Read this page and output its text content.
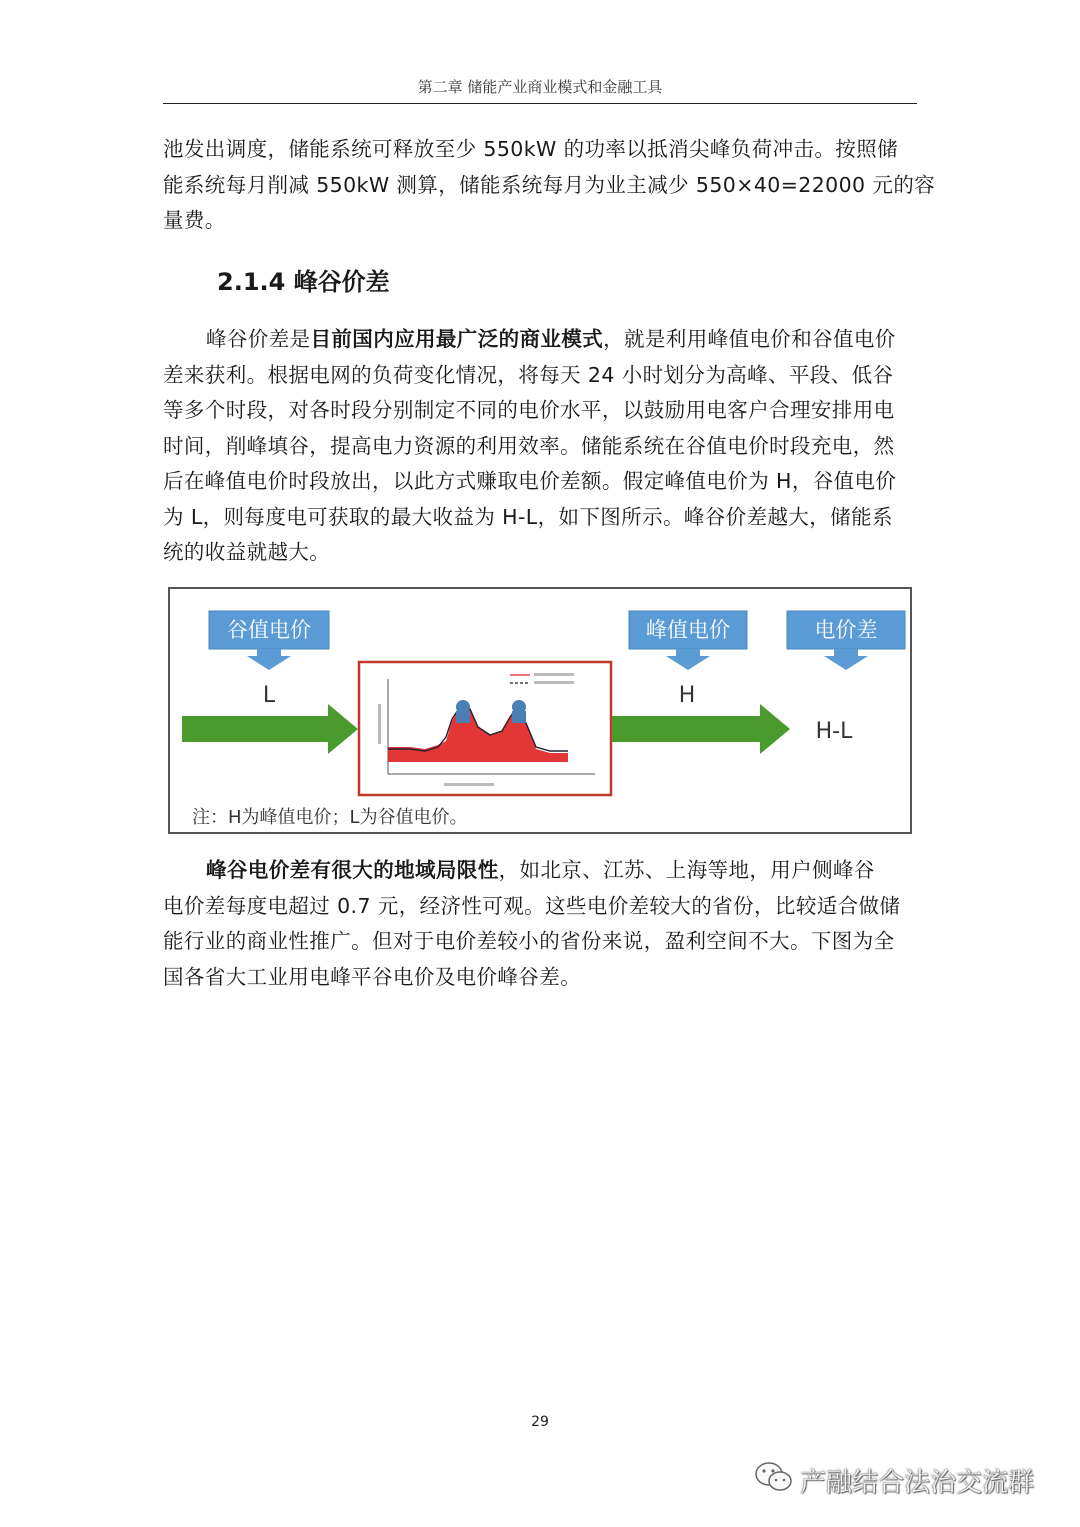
第二章 储能产业商业模式和金融工具
池发出调度，储能系统可释放至少 550kW 的功率以抵消尖峰负荷冲击。按照储
能系统每月削减 550kW 测算，储能系统每月为业主减少 550×40=22000 元的容
量费。
2.1.4 峰谷价差
峰谷价差是目前国内应用最广泛的商业模式，就是利用峰值电价和谷值电价
差来获利。根据电网的负荷变化情况，将每天 24 小时划分为高峰、平段、低谷
等多个时段，对各时段分别制定不同的电价水平，以鼓励用电客户合理安排用电
时间，削峰填谷，提高电力资源的利用效率。储能系统在谷值电价时段充电，然
后在峰值电价时段放出，以此方式赚取电价差额。假定峰值电价为 H，谷值电价
为 L，则每度电可获取的最大收益为 H-L，如下图所示。峰谷价差越大，储能系
统的收益就越大。
谷值电价
L
峰值电价
H
电价差
H-L
注：H为峰值电价；L为谷值电价。
峰谷电价差有很大的地域局限性，如北京、江苏、上海等地，用户侧峰谷
电价差每度电超过 0.7 元，经济性可观。这些电价差较大的省份，比较适合做储
能行业的商业性推广。但对于电价差较小的省份来说，盈利空间不大。下图为全
国各省大工业用电峰平谷电价及电价峰谷差。
29
产融结合法治交流群
